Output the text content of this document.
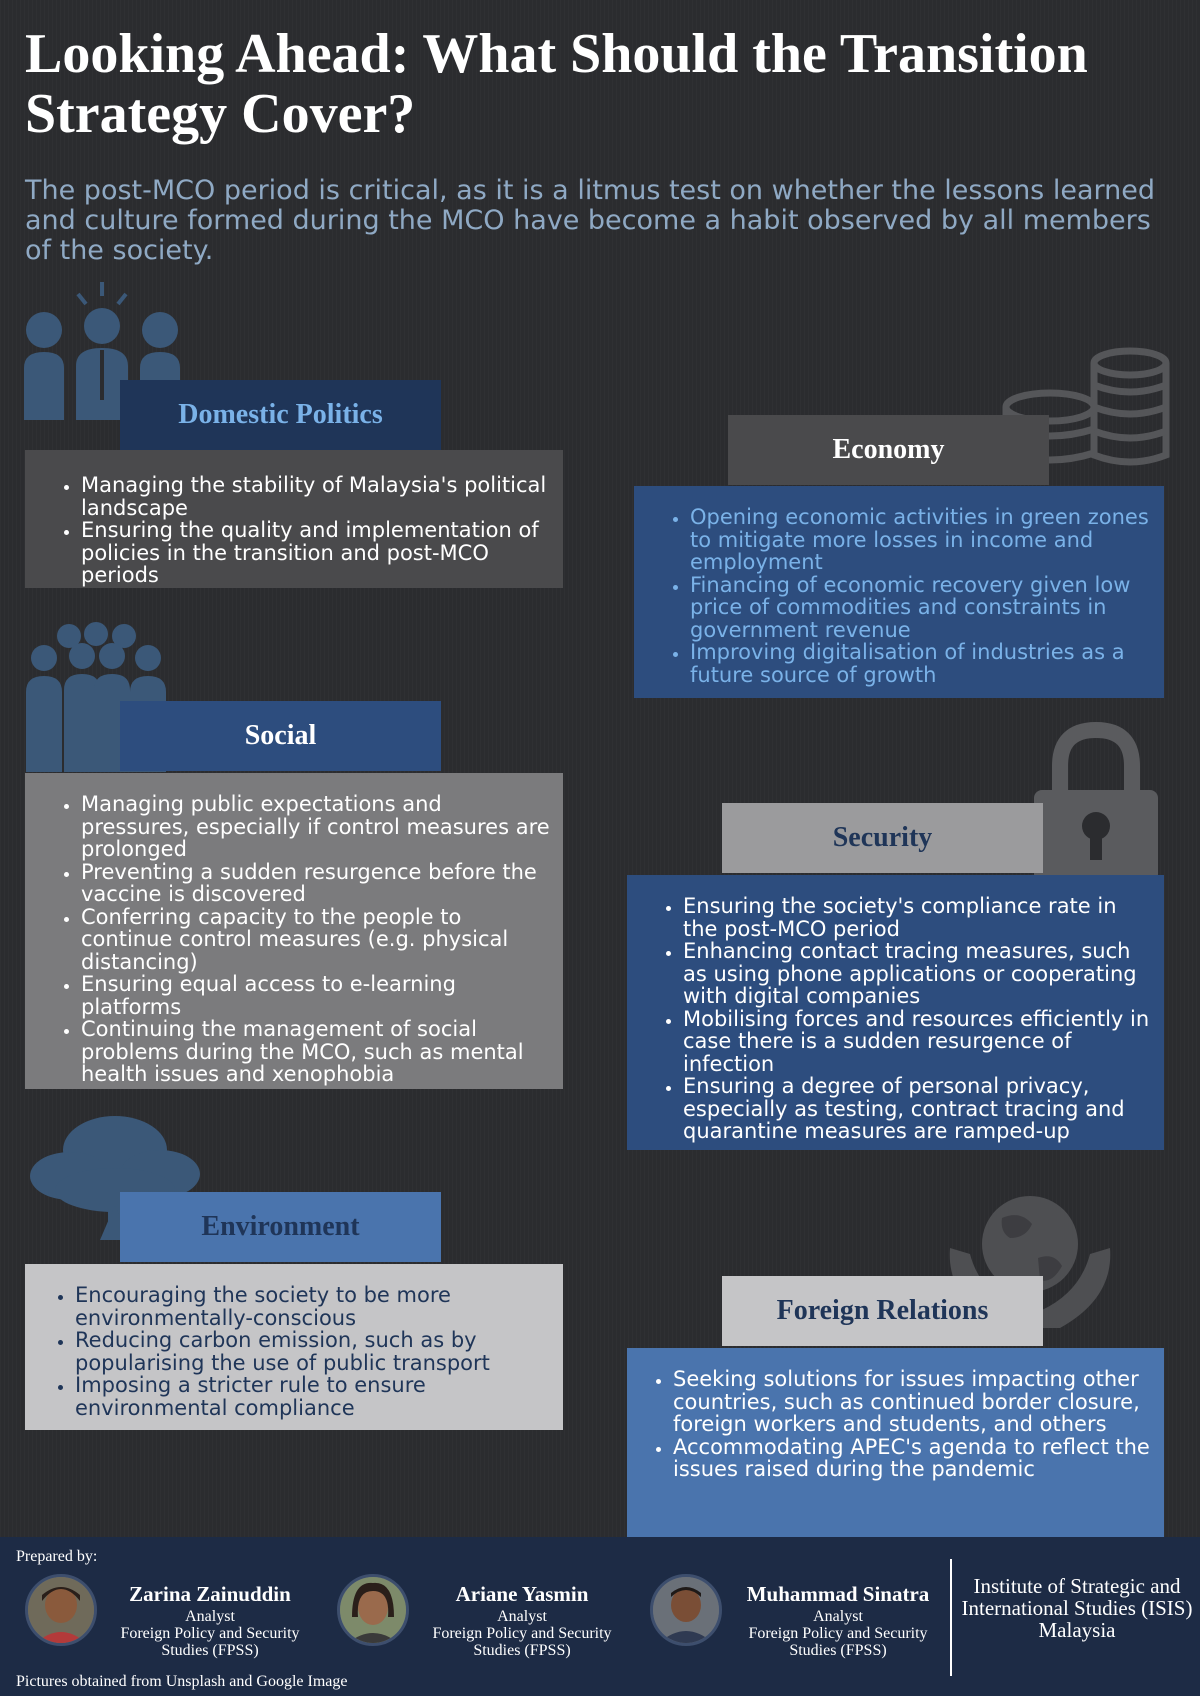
Looking Ahead: What Should the Transition Strategy Cover?

The post-MCO period is critical, as it is a litmus test on whether the lessons learned and culture formed during the MCO have become a habit observed by all members of the society.

Domestic Politics
• Managing the stability of Malaysia's political landscape
• Ensuring the quality and implementation of policies in the transition and post-MCO periods
Economy
• Opening economic activities in green zones to mitigate more losses in income and employment
• Financing of economic recovery given low price of commodities and constraints in government revenue
• Improving digitalisation of industries as a future source of growth
Social
• Managing public expectations and pressures, especially if control measures are prolonged
• Preventing a sudden resurgence before the vaccine is discovered
• Conferring capacity to the people to continue control measures (e.g. physical distancing)
• Ensuring equal access to e-learning platforms
• Continuing the management of social problems during the MCO, such as mental health issues and xenophobia
Security
• Ensuring the society's compliance rate in the post-MCO period
• Enhancing contact tracing measures, such as using phone applications or cooperating with digital companies
• Mobilising forces and resources efficiently in case there is a sudden resurgence of infection
• Ensuring a degree of personal privacy, especially as testing, contract tracing and quarantine measures are ramped-up
Environment
• Encouraging the society to be more environmentally-conscious
• Reducing carbon emission, such as by popularising the use of public transport
• Imposing a stricter rule to ensure environmental compliance
Foreign Relations
• Seeking solutions for issues impacting other countries, such as continued border closure, foreign workers and students, and others
• Accommodating APEC's agenda to reflect the issues raised during the pandemic
Prepared by:
Zarina Zainuddin
Analyst
Foreign Policy and Security Studies (FPSS)
Ariane Yasmin
Analyst
Foreign Policy and Security Studies (FPSS)
Muhammad Sinatra
Analyst
Foreign Policy and Security Studies (FPSS)
Institute of Strategic and International Studies (ISIS) Malaysia
Pictures obtained from Unsplash and Google Image
